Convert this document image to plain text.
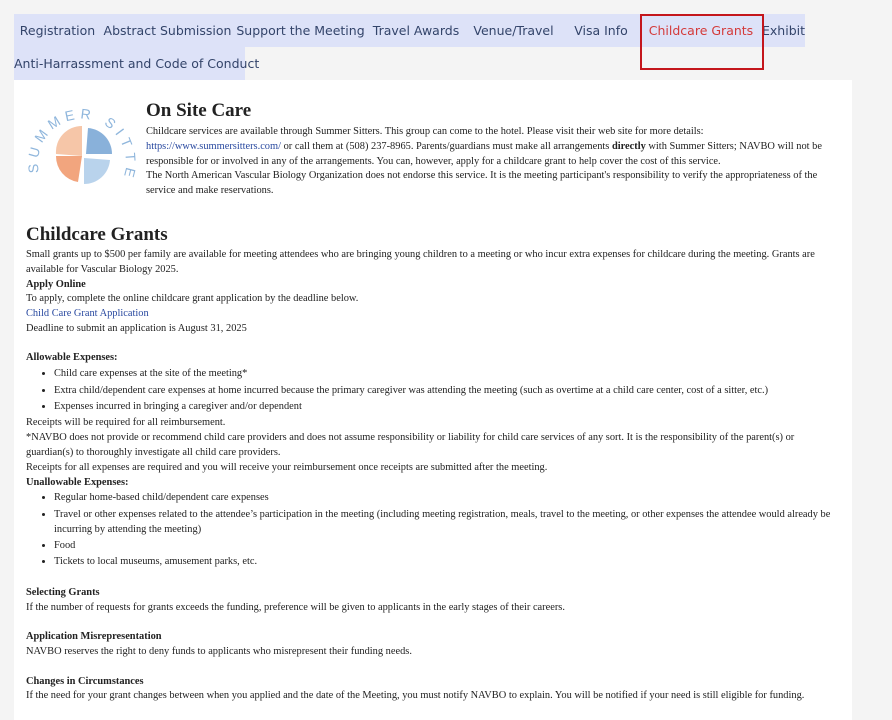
Registration Abstract Submission Support the Meeting Travel Awards	Venue/Travel	Visa Info	Childcare Grants Exhibit
Anti-Harrassment and Code of Conduct
SUMMER SIT
On Site Care
Childcare services are available through Summer Sitters. This group can come to the hotel. Please visit their web site for more details:
https://www.summersitters.com/ or call them at (508) 237-8965. Parents/guardians must make all arrangements directly with Summer Sitters; NAVBO will not be responsible for or involved in any of the arrangements. You can, however, apply for a childcare grant to help cover the cost of this service.
The North American Vascular Biology Organization does not endorse this service. It is the meeting participant's responsibility to verify the appropriateness of the service and make reservations.
Childcare Grants

Small grants up to $500 per family are available for meeting attendees who are bringing young children to a meeting or who incur extra expenses for childcare during the meeting. Grants are available for Vascular Biology 2025.

Apply Online

To apply, complete the online childcare grant application by the deadline below.

Child Care Grant Application

Deadline to submit an application is August 31, 2025

Allowable Expenses:

• Child care expenses at the site of the meeting*
• Extra child/dependent care expenses at home incurred because the primary caregiver was attending the meeting (such as overtime at a child care center, cost of a sitter, etc.)
• Expenses incurred in bringing a caregiver and/or dependent

Receipts will be required for all reimbursement.

*NAVBO does not provide or recommend child care providers and does not assume responsibility or liability for child care services of any sort. It is the responsibility of the parent(s) or guardian(s) to thoroughly investigate all child care providers.

Receipts for all expenses are required and you will receive your reimbursement once receipts are submitted after the meeting.

Unallowable Expenses:

• Regular home-based child/dependent care expenses
• Travel or other expenses related to the attendee’s participation in the meeting (including meeting registration, meals, travel to the meeting, or other expenses the attendee would already be incurring by attending the meeting)
• Food
• Tickets to local museums, amusement parks, etc.

Selecting Grants

If the number of requests for grants exceeds the funding, preference will be given to applicants in the early stages of their careers.

Application Misrepresentation

NAVBO reserves the right to deny funds to applicants who misrepresent their funding needs.

Changes in Circumstances

If the need for your grant changes between when you applied and the date of the Meeting, you must notify NAVBO to explain. You will be notified if your need is still eligible for funding.
